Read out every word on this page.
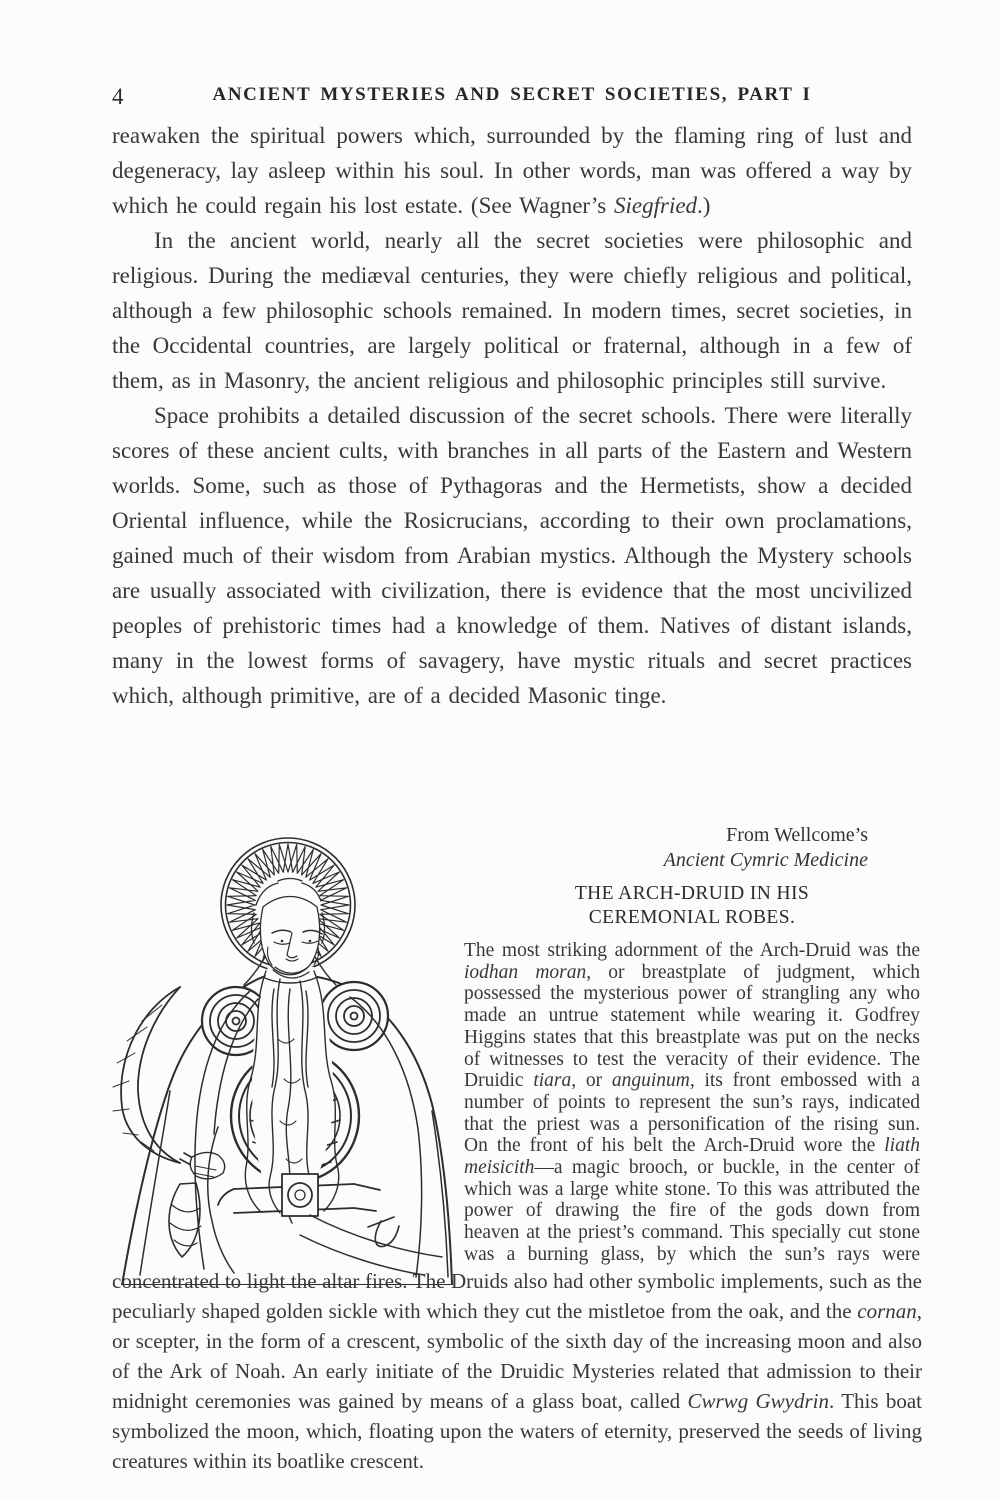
4	ANCIENT MYSTERIES AND SECRET SOCIETIES, PART I

reawaken the spiritual powers which, surrounded by the flaming ring of lust and degeneracy, lay asleep within his soul. In other words, man was offered a way by which he could regain his lost estate. (See Wagner’s Siegfried.)

In the ancient world, nearly all the secret societies were philosophic and religious. During the mediæval centuries, they were chiefly religious and political, although a few philosophic schools remained. In modern times, secret societies, in the Occidental countries, are largely political or fraternal, although in a few of them, as in Masonry, the ancient religious and philosophic principles still survive.

Space prohibits a detailed discussion of the secret schools. There were literally scores of these ancient cults, with branches in all parts of the Eastern and Western worlds. Some, such as those of Pythagoras and the Hermetists, show a decided Oriental influence, while the Rosicrucians, according to their own proclamations, gained much of their wisdom from Arabian mystics. Although the Mystery schools are usually associated with civilization, there is evidence that the most uncivilized peoples of prehistoric times had a knowledge of them. Natives of distant islands, many in the lowest forms of savagery, have mystic rituals and secret practices which, although primitive, are of a decided Masonic tinge.

From Wellcome’s
Ancient Cymric Medicine
THE ARCH-DRUID IN HIS
CEREMONIAL ROBES.

The most striking adornment of the Arch-Druid was the iodhan moran, or breastplate of judgment, which possessed the mysterious power of strangling any who made an untrue statement while wearing it. Godfrey Higgins states that this breastplate was put on the necks of witnesses to test the veracity of their evidence. The Druidic tiara, or anguinum, its front embossed with a number of points to represent the sun’s rays, indicated that the priest was a personification of the rising sun. On the front of his belt the Arch-Druid wore the liath meisicith—a magic brooch, or buckle, in the center of which was a large white stone. To this was attributed the power of drawing the fire of the gods down from heaven at the priest’s command. This specially cut stone was a burning glass, by which the sun’s rays were

concentrated to light the altar fires. The Druids also had other symbolic implements, such as the peculiarly shaped golden sickle with which they cut the mistletoe from the oak, and the cornan, or scepter, in the form of a crescent, symbolic of the sixth day of the increasing moon and also of the Ark of Noah. An early initiate of the Druidic Mysteries related that admission to their midnight ceremonies was gained by means of a glass boat, called Cwrwg Gwydrin. This boat symbolized the moon, which, floating upon the waters of eternity, preserved the seeds of living creatures within its boatlike crescent.
